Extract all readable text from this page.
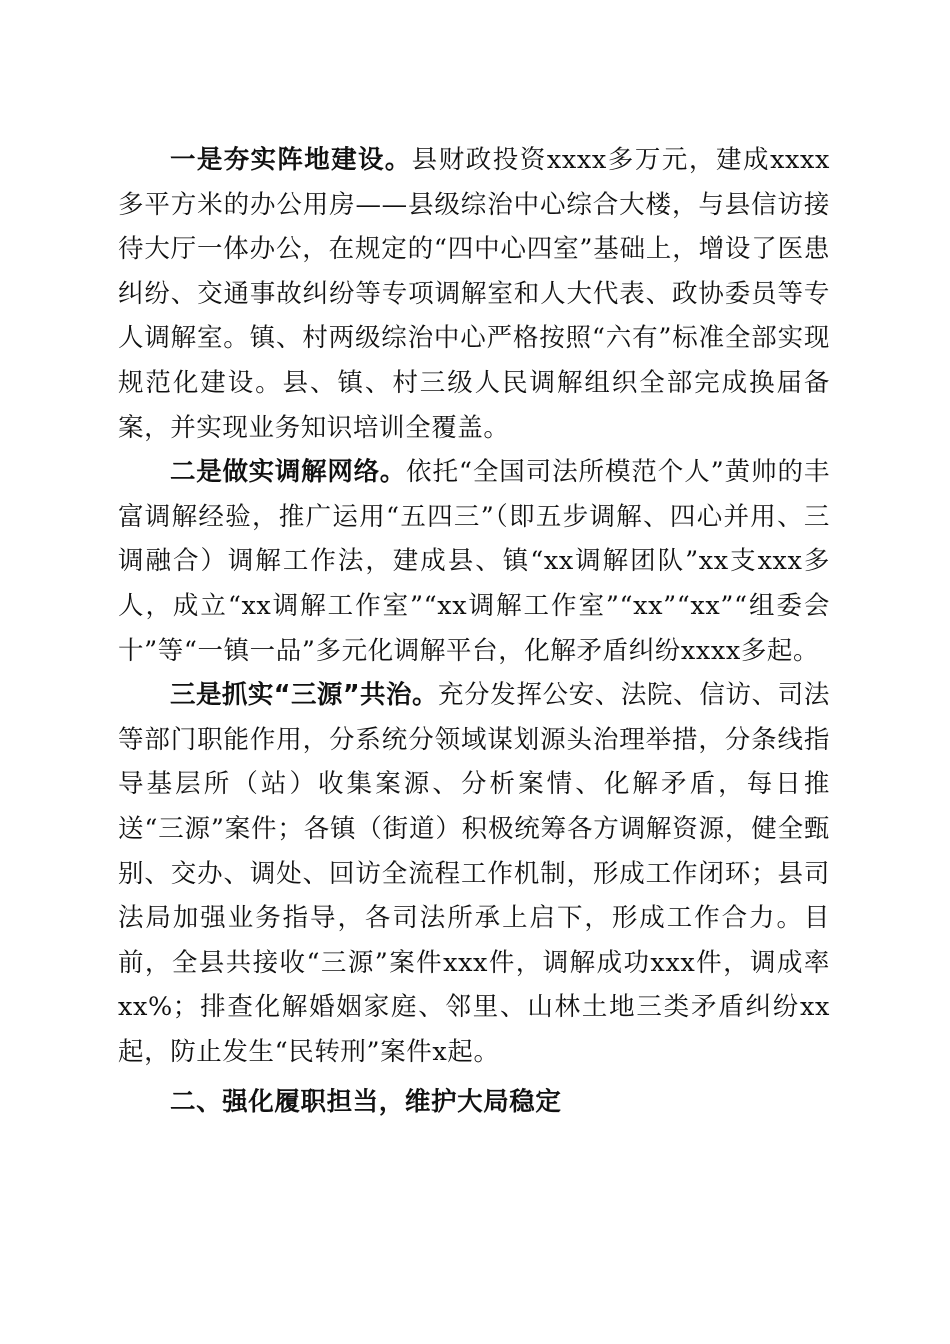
一是夯实阵地建设。县财政投资xxxx多万元，建成xxxx多平方米的办公用房——县级综治中心综合大楼，与县信访接待大厅一体办公，在规定的“四中心四室”基础上，增设了医患纠纷、交通事故纠纷等专项调解室和人大代表、政协委员等专人调解室。镇、村两级综治中心严格按照“六有”标准全部实现规范化建设。县、镇、村三级人民调解组织全部完成换届备案，并实现业务知识培训全覆盖。

二是做实调解网络。依托“全国司法所模范个人”黄帅的丰富调解经验，推广运用“五四三”（即五步调解、四心并用、三调融合）调解工作法，建成县、镇“xx调解团队”xx支xxx多人，成立“xx调解工作室”“xx调解工作室”“xx”“xx”“组委会十”等“一镇一品”多元化调解平台，化解矛盾纠纷xxxx多起。

三是抓实“三源”共治。充分发挥公安、法院、信访、司法等部门职能作用，分系统分领域谋划源头治理举措，分条线指导基层所（站）收集案源、分析案情、化解矛盾，每日推送“三源”案件；各镇（街道）积极统筹各方调解资源，健全甄别、交办、调处、回访全流程工作机制，形成工作闭环；县司法局加强业务指导，各司法所承上启下，形成工作合力。目前，全县共接收“三源”案件xxx件，调解成功xxx件，调成率xx%；排查化解婚姻家庭、邻里、山林土地三类矛盾纠纷xx起，防止发生“民转刑”案件x起。

二、强化履职担当，维护大局稳定
